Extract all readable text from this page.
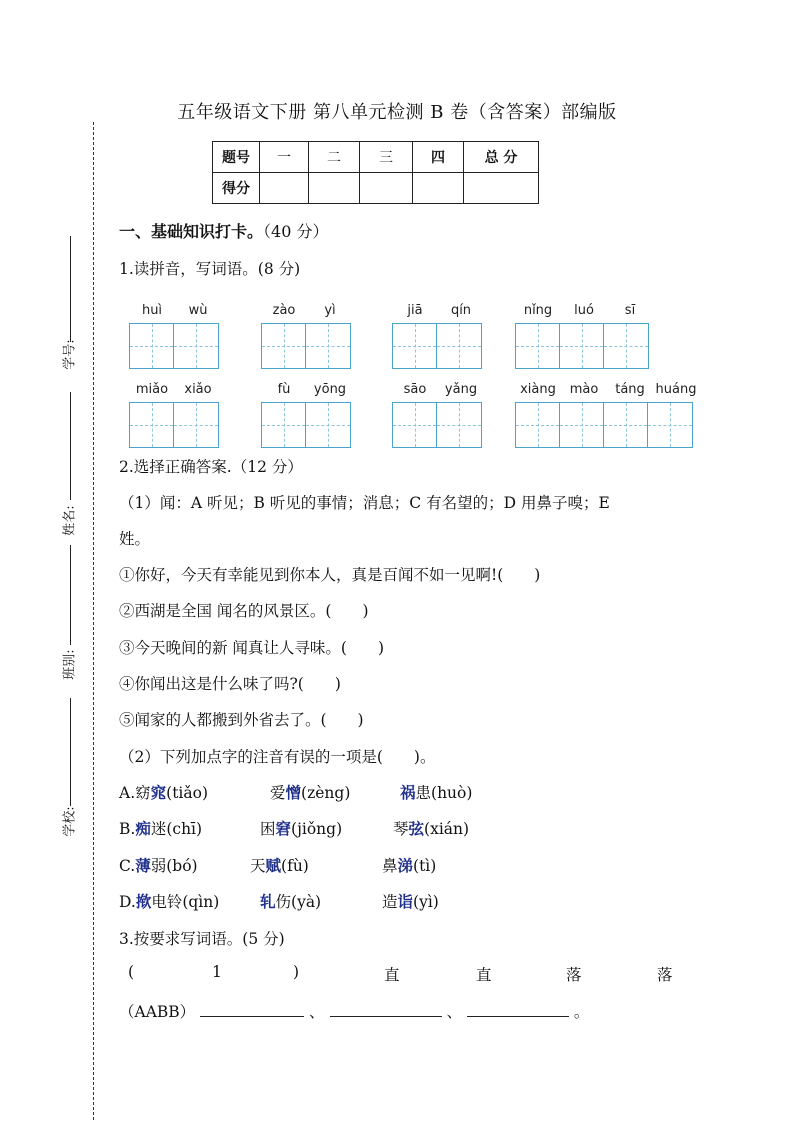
五年级语文下册 第八单元检测 B 卷（含答案）部编版
题号	一	二	三	四	总 分
得分					
学号:
姓名:
班别:
学校:
一、基础知识打卡。（40 分）
1.读拼音，写词语。(8 分)
huì	wù	zào	yì	jiā	qín	nǐng	luó	sī
miǎo	xiǎo	fù	yōng	sāo	yǎng	xiàng	mào	táng huáng
2.选择正确答案.（12 分）
（1）闻：A 听见；B 听见的事情；消息；C 有名望的；D 用鼻子嗅；E
姓。
①你好，今天有幸能见到你本人，真是百闻不如一见啊!(　　)
②西湖是全国 闻名的风景区。(　　)
③今天晚间的新 闻真让人寻味。(　　)
④你闻出这是什么味了吗?(　　)
⑤闻家的人都搬到外省去了。(　　)
（2）下列加点字的注音有误的一项是(　　)。
A.窈窕(tiǎo)	爱憎(zèng)	祸患(huò)
B.痴迷(chī)	困窘(jiǒng)	琴弦(xián)
C.薄弱(bó)	天赋(fù)	鼻涕(tì)
D.揿电铃(qìn)	轧伤(yà)	造诣(yì)
3.按要求写词语。(5 分)
(	1	)	直	直	落	落
（AABB）	、	、	。
